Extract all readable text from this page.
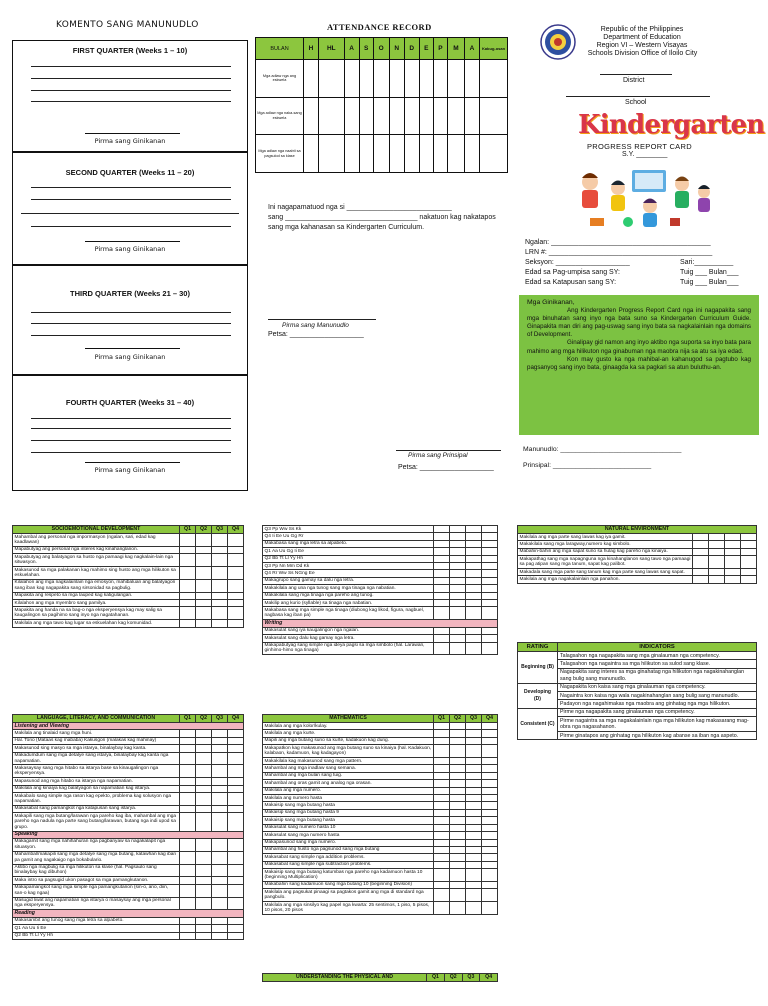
KOMENTO SANG MANUNUDLO
FIRST QUARTER (Weeks 1 – 10)
Pirma sang Ginikanan
SECOND QUARTER (Weeks 11 – 20)
Pirma sang Ginikanan
THIRD QUARTER (Weeks 21 – 30)
Pirma sang Ginikanan
FOURTH QUARTER (Weeks 31 – 40)
Pirma sang Ginikanan
ATTENDANCE RECORD
BULAN	H	HL	A	S	O	N	D	E	P	M	A	Kabug-osan
Mga adlaw nga ang eskwela												
Mga adlaw nga naka-sang eskwela												
Mga adlaw nga naabti sa pagsulod sa klase												
Ini nagapamatuod nga si ___________________________
sang __________________________________ nakatuon kag nakatapos
sang mga kahanasan sa Kindergarten Curriculum.
Pirma sang Manunudlo
Petsa: ___________________
Pirma sang Prinsipal
Petsa: ___________________
Republic of the Philippines
Department of Education
Region VI – Western Visayas
Schools Division Office of Iloilo City
District
School
Kindergarten
PROGRESS REPORT CARD
S.Y. ________
Ngalan: _________________________________________
LRN #: __________________________________________
Seksyon: ___________________	Sari:__________
Edad sa Pag-umpisa sang SY:	Tuig ___ Bulan___
Edad sa Katapusan sang SY:	Tuig ___ Bulan___
Mga Ginikanan,
Ang Kindergarten Progress Report Card nga ini nagapakita sang mga binuhatan sang inyo nga bata suno sa Kindergarten Curriculum Guide. Ginapakita man diri ang pag-uswag sang inyo bata sa nagkalainlain nga domains of Development.
Ginalipay gid namon ang inyo aktibo nga suporta sa inyo bata para mahimo ang mga hilikuton nga ginabuman nga maobra nija sa atu sa iya edad.
Kon may gusto ka nga mahibal-an kahanugod sa pagtubo kag pagsanyog sang inyo bata, ginaagda ka sa pagkari sa atun buluthu-an.
Manunudlo: ________________________________
Prinsipal: __________________________
SOCIOEMOTIONAL DEVELOPMENT	Q1	Q2	Q3	Q4
Mahambal ang personal nga impormasyon (ngalan, sari, edad kag kaadlawan)				
Mapabutyag ang personal nga interes kag kinahanglanon.				
Mapabutyag ang balatyagon sa husto nga pamaagi kag nagkalain-lain nga sitwasyon.				
Makasunod sa mga palakanan kag mahimo sing husto ang mga hilikuton sa eskuelahan.				
Kilalahon ang mga nagkalainlain nga emosyon, mahibaluan ang balatyagon sang iban kag nagapakita sang sirsonidad sa pagbulig.				
Mapakita ang respeto sa mga lauped kag katigulangan.				
Kilalahon ang mga myembro sang pamilya.				
Mapakita ang handa na sa bag-o nga eksperyensya kag may salig sa kaugalingon sa pagihimo sang inyo nga nagatahanan.				
Makilala ang mga tawo kag lugar sa eskuelahan kag komunidad.				
LANGUAGE, LITERACY, AND COMMUNICATION	Q1	Q2	Q3	Q4
Listening and Viewing				
Makilala ang tinalaid sang mga huni.				
Hal. Tono (Mataas kag mababa) Kakusgon (malakas kag mahinay)				
Makasunod sing masyo sa mga istarya, binalaybay kag kanta.				
Makadumdum sang mga detalye sang istarya, binalaybay kag kanta nga napamatian.				
Makasaysay sang mga hitabo sa istarya base sa kinaugalingon nga eksperyensya.				
Mapasunod ang mga hitabo sa istarya nga napamatian.				
Makilala ang kinaiya kag balatyagon sa napamatian kag istarya.				
Makabalo sang simple nga rason kag epekto, problema kag solusyon nga napamatian.				
Makasabat sang pamangkot nga katapusan sang istarya.				
Makapili sang mga butang/larawan nga pareho kag iba, mahambal ang mga pareho nga nadula nga parte sang butang/larawan, butang nga indi upod sa grupo.				
Speaking				
Makagamit sang mga nahihahuran nga pagbanyaw sa nagakalapit nga situasyon.				
Mahambal/makapili sang mga detalye sang mga butang, katawhan kag iban pa gamit ang nagakaigo nga bokabulario.				
Aktibo nga magbulig sa mga hilikuton sa klase (hal. Pagsaulo sang binalaybay kag dibuhon)				
Maka intro sa pagsugid ukon pasagot sa mga pamangkutanon.				
Makapamangkot sang mga simple nga pamangkutanon (sin-o, ano, diin, san-o kag ngaa)				
Masugid liwat ang napamatian nga istarya o masaysay ang mga personal nga eksperyensya.				
Reading				
Makasambit ang tunog sang mga letra sa alpabeto.				
Q1 Aa Uu Ii Ee				
Q2 Bb Tt Ll Yy Hh				
Q3 Pp Ww Ss Kk				
Q4 Ii Ee Uu Gg Rr				
Makabasa sang mga letra sa alpabeto.				
Q1 Aa Uu Gg Ii Ee				
Q2 Bb Tt Ll Yy Hh				
Q3 Pp Nn Mm Dd Kk				
Q4 Rr Ww Ss NGng Ee				
Makagrupo sang gamay sa dalu nga letra.				
Makakilala ang una nga tunog sang mga tinaga nga nabatian.				
Makakilala sang mga tinaga nga pareho ang tunog.				
Makilip ang kurio (syllable) sa tinaga nga nabatian.				
Makabasa sang mga simple nga tinaga (diubong kag likod, figura, nagbuel, nagbasa kag iban pa)				
Writing				
Makasulat sang iya kaugalingon nga ngalan.				
Makasulat sang dalu kag gamay nga letra.				
Makapabutyag sang simple nga ideya pagsi sa mga simbolo (hal. Larawan, ginhimo-himo nga tinaga)				
MATHEMATICS	Q1	Q2	Q3	Q4
Makilala ang mga kolor/kulay.				
Makilala ang mga kurte.				
Mapili ang mga butang suno sa kurte, kadakuon kag dung.				
Makapatkon kag makasunod ang mga butang suno sa kinaiya (hal. Kadakuon, kalabaon, kadamuon, kag kadagayon)				
Makakilala kag makasunod sang mga pattern.				
Mahambal ang mga inadlaw sang semana.				
Mahambal ang mga bulan sang tuig.				
Mahambal ang oras gamit ang analog nga orasan.				
Makilala ang mga numero.				
Makilala ang numero hasta				
Makaisip sang mga butang hasta				
Makaisip sang mga butang hasta 9				
Makaisip sang mga butang hasta				
Makasulat sang numero hasta 10				
Makasulat sang mga numero hasta				
Makapasunod sang mga numero.				
Mahambal ang husto nga pagsunod sang mga butang				
Makasabat sang simple nga addition problems.				
Makasabat sang simple nga subtraction problems.				
Makaisip sang mga butang katumbas nga pareho nga kadamuon hasta 10 (beginning Multiplication)				
Makabahin sang kadamuon sang mga butang 10 (beginning Division)				
Makilala ang pagsukat pinaagi sa pagtakos gamit ang mga di standard nga pangbulo.				
Makilala ang mga sinsilyo kag papel nga kwarta: 25 sentimos, 1 piso, 5 pisos, 10 pisos, 20 pisos				
UNDERSTANDING THE PHYSICAL AND	Q1	Q2	Q3	Q4
NATURAL ENVIRONMENT				
Makilala ang mga parte sang lawas kag iya gamit.				
Makakilala sang mga laragway,numero kag simbolo.				
Mabahin-bahin ang mga sapat suno sa hulag kag pareho nga kinaiya.				
Makapathag sang mga napagnguna nga kinahanglanon sang tawo nga pamaagi sa pag atipan sang mga tanum, sapat kag palibot.				
Makadala sang mga parte sang tanum kag mga parte sang lawas sang sapat.				
Makilala ang mga nagakalainlain nga panahon.				
RATING	INDICATORS
Beginning (B)	Talagsahon nga nagapakita sang mga ginalauman nga competency.
	Talagsahon nga nagaintra sa mga hilikuton sa sulod sang klase.
	Nagapakita sang interes sa mga ginahatag nga hilikuton nga nagakinahanglan sang bulig sang manunudlo.
Developing (D)	Nagapakita kon kaisa sang mga ginalauman nga competency.
	Nagaintra kon kaisa nga wala nagakinahanglan sang bulig sang manunudlo.
	Padayon nga nagahimakas nga maobra ang ginhatag nga mga hilikuton.
Consistent (C)	Pirme nga nagapakita sang ginalauman nga competency.
	Pirme nagaintra sa mga nagakalainlain nga mga hilikuton kag makasarang mag-obra nga nagasahanon.
	Pirme ginatapos ang ginhatag nga hilikuton kag abanse sa iban nga aspeto.
